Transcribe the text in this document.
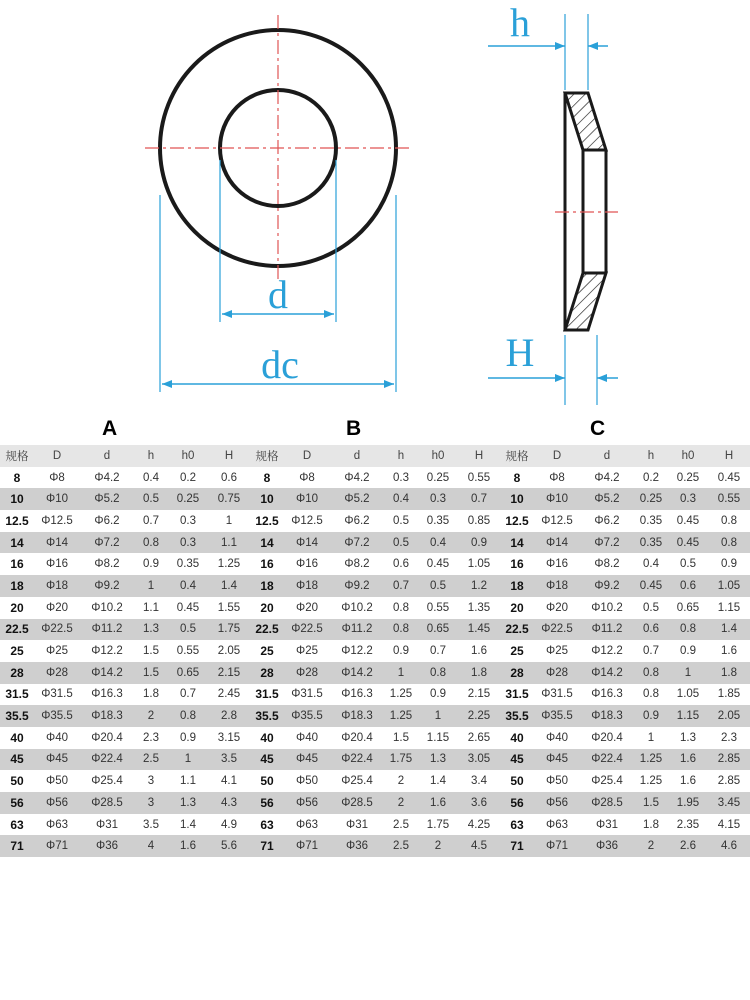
d
dc
h
H
A	B	C
规格	D	d	h	h0	H	规格	D	d	h	h0	H	规格	D	d	h	h0	H
8	Φ8	Φ4.2	0.4	0.2	0.6	8	Φ8	Φ4.2	0.3	0.25	0.55	8	Φ8	Φ4.2	0.2	0.25	0.45
10	Φ10	Φ5.2	0.5	0.25	0.75	10	Φ10	Φ5.2	0.4	0.3	0.7	10	Φ10	Φ5.2	0.25	0.3	0.55
12.5	Φ12.5	Φ6.2	0.7	0.3	1	12.5	Φ12.5	Φ6.2	0.5	0.35	0.85	12.5	Φ12.5	Φ6.2	0.35	0.45	0.8
14	Φ14	Φ7.2	0.8	0.3	1.1	14	Φ14	Φ7.2	0.5	0.4	0.9	14	Φ14	Φ7.2	0.35	0.45	0.8
16	Φ16	Φ8.2	0.9	0.35	1.25	16	Φ16	Φ8.2	0.6	0.45	1.05	16	Φ16	Φ8.2	0.4	0.5	0.9
18	Φ18	Φ9.2	1	0.4	1.4	18	Φ18	Φ9.2	0.7	0.5	1.2	18	Φ18	Φ9.2	0.45	0.6	1.05
20	Φ20	Φ10.2	1.1	0.45	1.55	20	Φ20	Φ10.2	0.8	0.55	1.35	20	Φ20	Φ10.2	0.5	0.65	1.15
22.5	Φ22.5	Φ11.2	1.3	0.5	1.75	22.5	Φ22.5	Φ11.2	0.8	0.65	1.45	22.5	Φ22.5	Φ11.2	0.6	0.8	1.4
25	Φ25	Φ12.2	1.5	0.55	2.05	25	Φ25	Φ12.2	0.9	0.7	1.6	25	Φ25	Φ12.2	0.7	0.9	1.6
28	Φ28	Φ14.2	1.5	0.65	2.15	28	Φ28	Φ14.2	1	0.8	1.8	28	Φ28	Φ14.2	0.8	1	1.8
31.5	Φ31.5	Φ16.3	1.8	0.7	2.45	31.5	Φ31.5	Φ16.3	1.25	0.9	2.15	31.5	Φ31.5	Φ16.3	0.8	1.05	1.85
35.5	Φ35.5	Φ18.3	2	0.8	2.8	35.5	Φ35.5	Φ18.3	1.25	1	2.25	35.5	Φ35.5	Φ18.3	0.9	1.15	2.05
40	Φ40	Φ20.4	2.3	0.9	3.15	40	Φ40	Φ20.4	1.5	1.15	2.65	40	Φ40	Φ20.4	1	1.3	2.3
45	Φ45	Φ22.4	2.5	1	3.5	45	Φ45	Φ22.4	1.75	1.3	3.05	45	Φ45	Φ22.4	1.25	1.6	2.85
50	Φ50	Φ25.4	3	1.1	4.1	50	Φ50	Φ25.4	2	1.4	3.4	50	Φ50	Φ25.4	1.25	1.6	2.85
56	Φ56	Φ28.5	3	1.3	4.3	56	Φ56	Φ28.5	2	1.6	3.6	56	Φ56	Φ28.5	1.5	1.95	3.45
63	Φ63	Φ31	3.5	1.4	4.9	63	Φ63	Φ31	2.5	1.75	4.25	63	Φ63	Φ31	1.8	2.35	4.15
71	Φ71	Φ36	4	1.6	5.6	71	Φ71	Φ36	2.5	2	4.5	71	Φ71	Φ36	2	2.6	4.6
